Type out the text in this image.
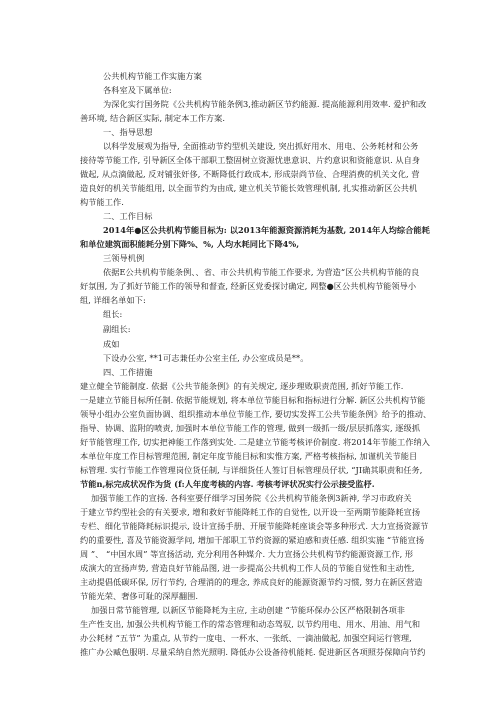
公共机构节能工作实施方案
各科室及下属单位:
为深化实行国务院《公共机构节能条例3,推动新区节约能源. 提高能源利用效率. 爱护和改
善环境, 结合新区实际, 制定本工作方案.
一、指导思想
以科学发展观为指导, 全面推动节约型机关建设, 突出抓好用水、用电、公务耗材和公务
接待等节能工作, 引导新区全体干部职工整固树立资源忧患意识、片约意识和资能意识. 从自身
做起, 从点滴做起, 反对铺张奸侈, 不断降低行政成本, 形成崇尚节俭、合理消费的机关文化, 营
造良好的机关节能组用, 以全面节约为由成, 建立机关节能长效管理机制, 扎实推动新区公共机
构节能工作.
二、工作目标
2014年●区公共机构节能目标为: 以2013年能源资源消耗为基数, 2014年人均综合能耗
和单位建筑面积能耗分别下降%、%, 人均水耗同比下降4%,
三领导机例
依据E公共机构节能条例、、省、市公共机构节能工作要求, 为营造“区公共机构节能的良
好氛围, 为了抓好节能工作的领导和督查, 经新区党委探讨确定, 网整●区公共机构节能领导小
组, 详细名单如下:
组长:
副组长:
成如
下设办公室, **1可志兼任办公室主任, 办公室成员是**。
四、工作措施
建立健全节能制度. 依据《公共节能条例》的有关规定, 逐步理败职责范围, 抓好节能工作.
一是建立节能目标所任制. 依据节能规划, 将本单位节能目标和指标进行分解. 新区公共机构节能
领导小组办公室负面协调、组织推动本单位节能工作, 要切实发挥工公共节能条例》给予的推动、
指导、协调、监附的喷责, 加强时本单位节能工作的管理, 做到一级抓一级/层层抓落实, 逐级抓
好节能管理工作, 切实把神能工作落到实处. 二是建立节能考核评价制度. 将2014年节能工作纳入
本单位年度工作目标管理范围, 制定年度节能目标和实惟方案, 严格考核指标, 加谨机关节能目
标管理. 实行节能工作管理岗位货任制, 与详细货任人签订目标管理员仔状, “JI确其职责和任务,
节能n,标完成状况作为货 (f:人年度考核的内容. 考核考评状况实行公示接受监杼.
加强节能工作的宣扬. 各科室要仔细学习国务院《公共机构节能条例3新神, 学习市政府关
于建立节约型社会的有关要求, 增和救好节能降耗工作的自觉性, 以开设一至两期节能降耗宣扬
专栏、细化节能降耗标识提示, 设计宣扬手册、开展节能降耗座谈会等多种形式. 大力宣扬资源节
约的重要性, 喜及节能资源学问, 增加干部职工节约资源的紧迫感和责任感. 组织实施 “节能宣扬
周 ”、 “中国水周” 等宣扬活动, 充分利用各种媒介. 大力宣扬公共机构节约能源资源工作, 形
成演大的宣扬声势, 营造良好节能品图, 进一步提高公共机构工作人员的节能自觉性和主动性,
主动提倡低碳环保, 厉行节约, 合理消的的理念, 养成良好的能源资源节约习惯, 努力在新区营造
节能光荣、奢侈可耻的深厚翻围.
加强日常节能管理, 以新区节能降耗为主应, 主动创建 “节能环保办公区严格限制各项非
生产性支出, 加强公共机构节能工作的常态管理和动态驾驭, 以节约用电、用水、用油、用气和
办公耗材 “五节” 为重点, 从节约一度电、一杯水、一张纸、一滴油做起, 加强空间运行管理,
推广办公臧色服明. 尽量采纳自然光照明. 降低办公设备待机能耗. 促进新区各项照芬保障向节约
